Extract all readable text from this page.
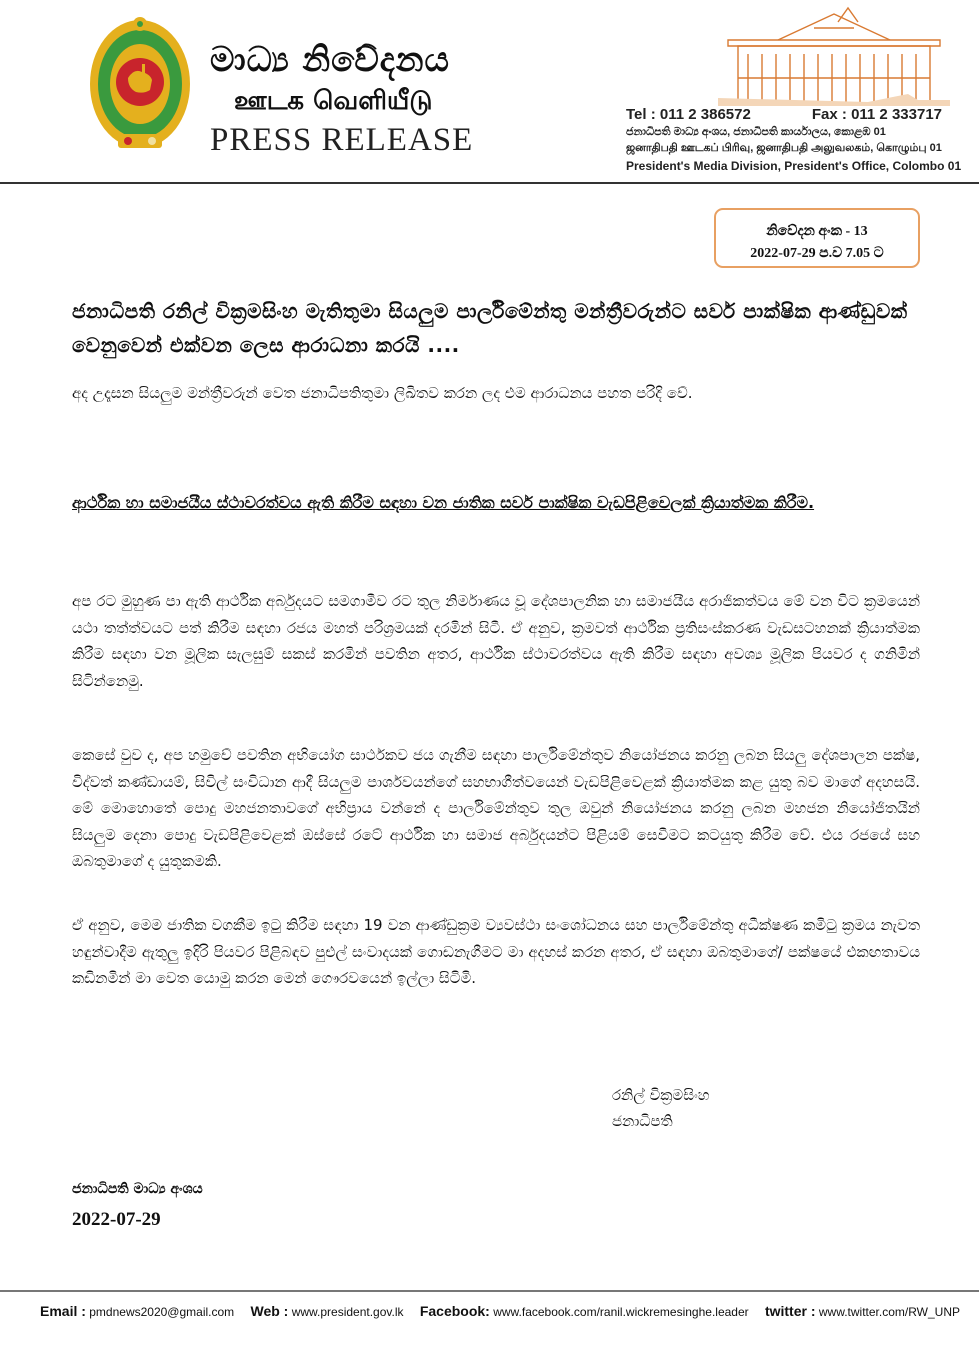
මාධ්‍ය නිවේදනය
ஊடக வெளியீடு
PRESS RELEASE
Tel : 011 2 386572	Fax : 011 2 333717
ජනාධිපති මාධ්‍ය අංශය, ජනාධිපති කාර්යාලය, කොළඹ 01
ஜனாதிபதி ஊடகப் பிரிவு, ஜனாதிபதி அலுவலகம், கொழும்பு 01
President's Media Division, President's Office, Colombo 01
නිවේදන අංක - 13
2022-07-29 ප.ව 7.05 ට
ජනාධිපති රනිල් වික්‍රමසිංහ මැතිතුමා සියලුම පාර්ලිමේන්තු මන්ත්‍රීවරුන්ට සර්ව පාක්ෂික ආණ්ඩුවක් වෙනුවෙන් එක්වන ලෙස ආරාධනා කරයි ....
අද උදෑසන සියලුම මන්ත්‍රීවරුන් වෙත ජනාධිපතිතුමා ලිඛිතව කරන ලද එම ආරාධනය පහත පරිදි වේ.
ආර්ථික හා සමාජයීය ස්ථාවරත්වය ඇති කිරීම සඳහා වන ජාතික සර්ව පාක්ෂික වැඩපිළිවෙලක් ක්‍රියාත්මක කිරීම.
අප රට මුහුණ පා ඇති ආර්ථික අර්බුදයට සමගාමීව රට තුල නිර්මාණය වූ දේශපාලනික හා සමාජයීය අරාජිකත්වය මේ වන විට ක්‍රමයෙන් යථා තත්ත්වයට පත් කිරීම සඳහා රජය මහත් පරිශ්‍රමයක් දරමින් සිටී. ඒ අනුව, ක්‍රමවත් ආර්ථික ප්‍රතිසංස්කරණ වැඩසටහනක් ක්‍රියාත්මක කිරීම සඳහා වන මූලික සැලසුම් සකස් කරමින් පවතින අතර, ආර්ථික ස්ථාවරත්වය ඇති කිරීම සඳහා අවශ්‍ය මූලික පියවර ද ගනිමින් සිටින්නෙමු.
කෙසේ වුව ද, අප හමුවේ පවතින අභියෝග සාර්ථකව ජය ගැනීම සඳහා පාර්ලිමේන්තුව නියෝජනය කරනු ලබන සියලු දේශපාලන පක්ෂ, විද්වත් කණ්ඩායම්, සිවිල් සංවිධාන ආදී සියලුම පාර්ශවයන්ගේ සහභාගීත්වයෙන් වැඩපිළිවෙළක් ක්‍රියාත්මක කළ යුතු බව මාගේ අදහසයි. මේ මොහොතේ පොදු මහජනතාවගේ අභිප්‍රාය වන්නේ ද පාර්ලිමේන්තුව තුල ඔවුන් නියෝජනය කරනු ලබන මහජන නියෝජිතයින් සියලුම දෙනා පොදු වැඩපිළිවෙළක් ඔස්සේ රටේ ආර්ථික හා සමාජ අර්බුදයන්ට පිළියම් සෙවීමට කටයුතු කිරීම වේ. එය රජයේ සහ ඔබතුමාගේ ද යුතුකමකි.
ඒ අනුව, මෙම ජාතික වගකීම ඉටු කිරීම සඳහා 19 වන ආණ්ඩුක්‍රම ව්‍යවස්ථා සංශෝධනය සහ පාර්ලිමේන්තු අධීක්ෂණ කමිටු ක්‍රමය නැවත හඳුන්වාදීම ඇතුලු ඉදිරි පියවර පිළිබඳව පුළුල් සංවාදයක් ගොඩනැගීමට මා අදහස් කරන අතර, ඒ සඳහා ඔබතුමාගේ/ පක්ෂයේ එකඟතාවය කඩිනමින් මා වෙත යොමු කරන මෙන් ගෞරවයෙන් ඉල්ලා සිටිමි.
රනිල් වික්‍රමසිංහ
ජනාධිපති
ජනාධිපති මාධ්‍ය අංශය
2022-07-29
Email : pmdnews2020@gmail.com Web : www.president.gov.lk Facebook: www.facebook.com/ranil.wickremesinghe.leader twitter : www.twitter.com/RW_UNP
